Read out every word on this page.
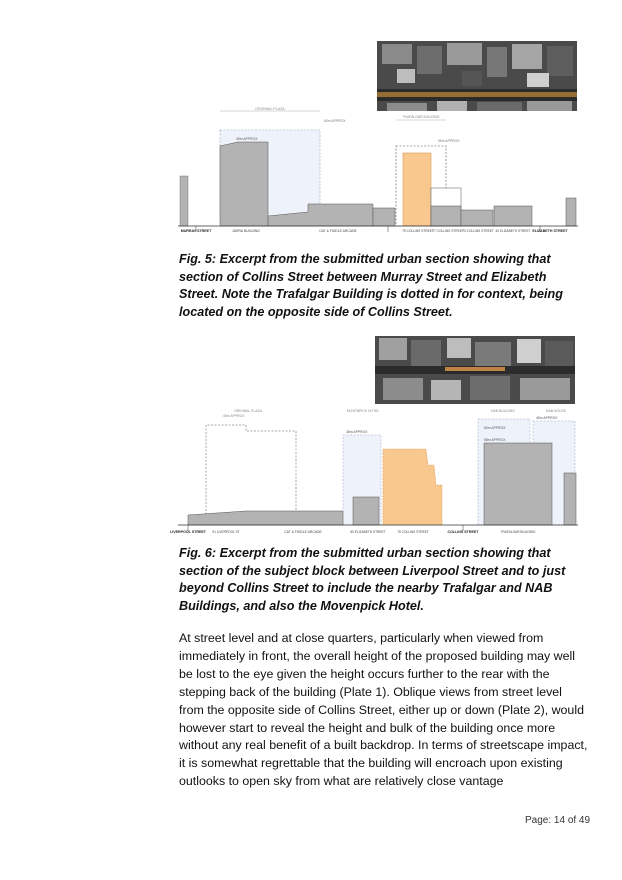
ORIGINAL PLAZA
60m APPROX
TRAFALGAR BUILDING
49m APPROX	55m APPROX
MURRAY STREET	JARRA BUILDING	CAT & FIDDLE ARCADE	79 COLLINS STREET
77 COLLINS STREET
73 COLLINS STREET 40 ELIZABETH STREET ELIZABETH STREET
Fig. 5: Excerpt from the submitted urban section showing that section of Collins Street between Murray Street and Elizabeth Street. Note the Trafalgar Building is dotted in for context, being located on the opposite side of Collins Street.
ORIGINAL PLAZA
45m APPROX
MOVENPICK HOTEL
36m APPROX
NAB BUILDING
60m APPROX
58m APPROX
45m APPROX
NAB HOUSE
LIVERPOOL STREET 91 LIVERPOOL ST	CAT & FIDDLE ARCADE	60 ELIZABETH STREET	79 COLLINS STREET	COLLINS STREET	TRAFALGAR BUILDING
Fig. 6: Excerpt from the submitted urban section showing that section of the subject block between Liverpool Street and to just beyond Collins Street to include the nearby Trafalgar and NAB Buildings, and also the Movenpick Hotel.
At street level and at close quarters, particularly when viewed from immediately in front, the overall height of the proposed building may well be lost to the eye given the height occurs further to the rear with the stepping back of the building (Plate 1). Oblique views from street level from the opposite side of Collins Street, either up or down (Plate 2), would however start to reveal the height and bulk of the building once more without any real benefit of a built backdrop. In terms of streetscape impact, it is somewhat regrettable that the building will encroach upon existing outlooks to open sky from what are relatively close vantage
Page: 14 of 49
